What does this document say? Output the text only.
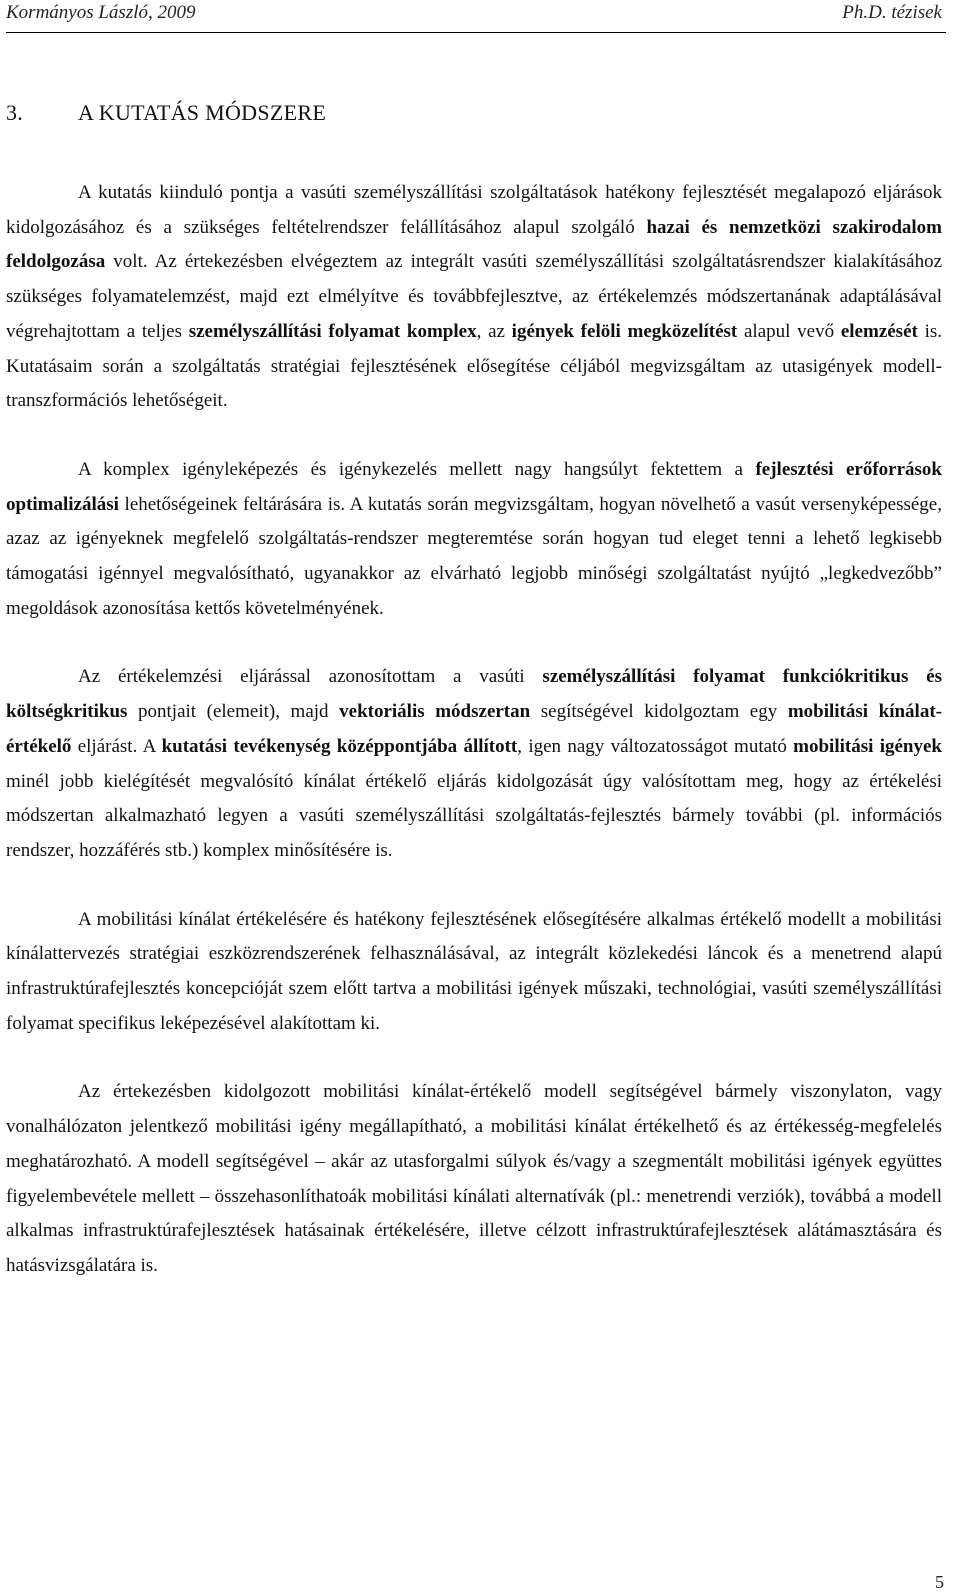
Kormányos László, 2009	Ph.D. tézisek
3. A KUTATÁS MÓDSZERE

A kutatás kiinduló pontja a vasúti személyszállítási szolgáltatások hatékony fejlesztését megalapozó eljárások kidolgozásához és a szükséges feltételrendszer felállításához alapul szolgáló hazai és nemzetközi szakirodalom feldolgozása volt. Az értekezésben elvégeztem az integrált vasúti személyszállítási szolgáltatásrendszer kialakításához szükséges folyamatelemzést, majd ezt elmélyítve és továbbfejlesztve, az értékelemzés módszertanának adaptálásával végrehajtottam a teljes személyszállítási folyamat komplex, az igények felöli megközelítést alapul vevő elemzését is. Kutatásaim során a szolgáltatás stratégiai fejlesztésének elősegítése céljából megvizsgáltam az utasigények modell-transzformációs lehetőségeit.

A komplex igényleképezés és igénykezelés mellett nagy hangsúlyt fektettem a fejlesztési erőforrások optimalizálási lehetőségeinek feltárására is. A kutatás során megvizsgáltam, hogyan növelhető a vasút versenyképessége, azaz az igényeknek megfelelő szolgáltatás-rendszer megteremtése során hogyan tud eleget tenni a lehető legkisebb támogatási igénnyel megvalósítható, ugyanakkor az elvárható legjobb minőségi szolgáltatást nyújtó „legkedvezőbb” megoldások azonosítása kettős követelményének.

Az értékelemzési eljárással azonosítottam a vasúti személyszállítási folyamat funkciókritikus és költségkritikus pontjait (elemeit), majd vektoriális módszertan segítségével kidolgoztam egy mobilitási kínálat-értékelő eljárást. A kutatási tevékenység középpontjába állított, igen nagy változatosságot mutató mobilitási igények minél jobb kielégítését megvalósító kínálat értékelő eljárás kidolgozását úgy valósítottam meg, hogy az értékelési módszertan alkalmazható legyen a vasúti személyszállítási szolgáltatás-fejlesztés bármely további (pl. információs rendszer, hozzáférés stb.) komplex minősítésére is.

A mobilitási kínálat értékelésére és hatékony fejlesztésének elősegítésére alkalmas értékelő modellt a mobilitási kínálattervezés stratégiai eszközrendszerének felhasználásával, az integrált közlekedési láncok és a menetrend alapú infrastruktúrafejlesztés koncepcióját szem előtt tartva a mobilitási igények műszaki, technológiai, vasúti személyszállítási folyamat specifikus leképezésével alakítottam ki.

Az értekezésben kidolgozott mobilitási kínálat-értékelő modell segítségével bármely viszonylaton, vagy vonalhálózaton jelentkező mobilitási igény megállapítható, a mobilitási kínálat értékelhető és az értékesség-megfelelés meghatározható. A modell segítségével – akár az utasforgalmi súlyok és/vagy a szegmentált mobilitási igények együttes figyelembevétele mellett – összehasonlíthatoák mobilitási kínálati alternatívák (pl.: menetrendi verziók), továbbá a modell alkalmas infrastruktúrafejlesztések hatásainak értékelésére, illetve célzott infrastruktúrafejlesztések alátámasztására és hatásvizsgálatára is.

5
